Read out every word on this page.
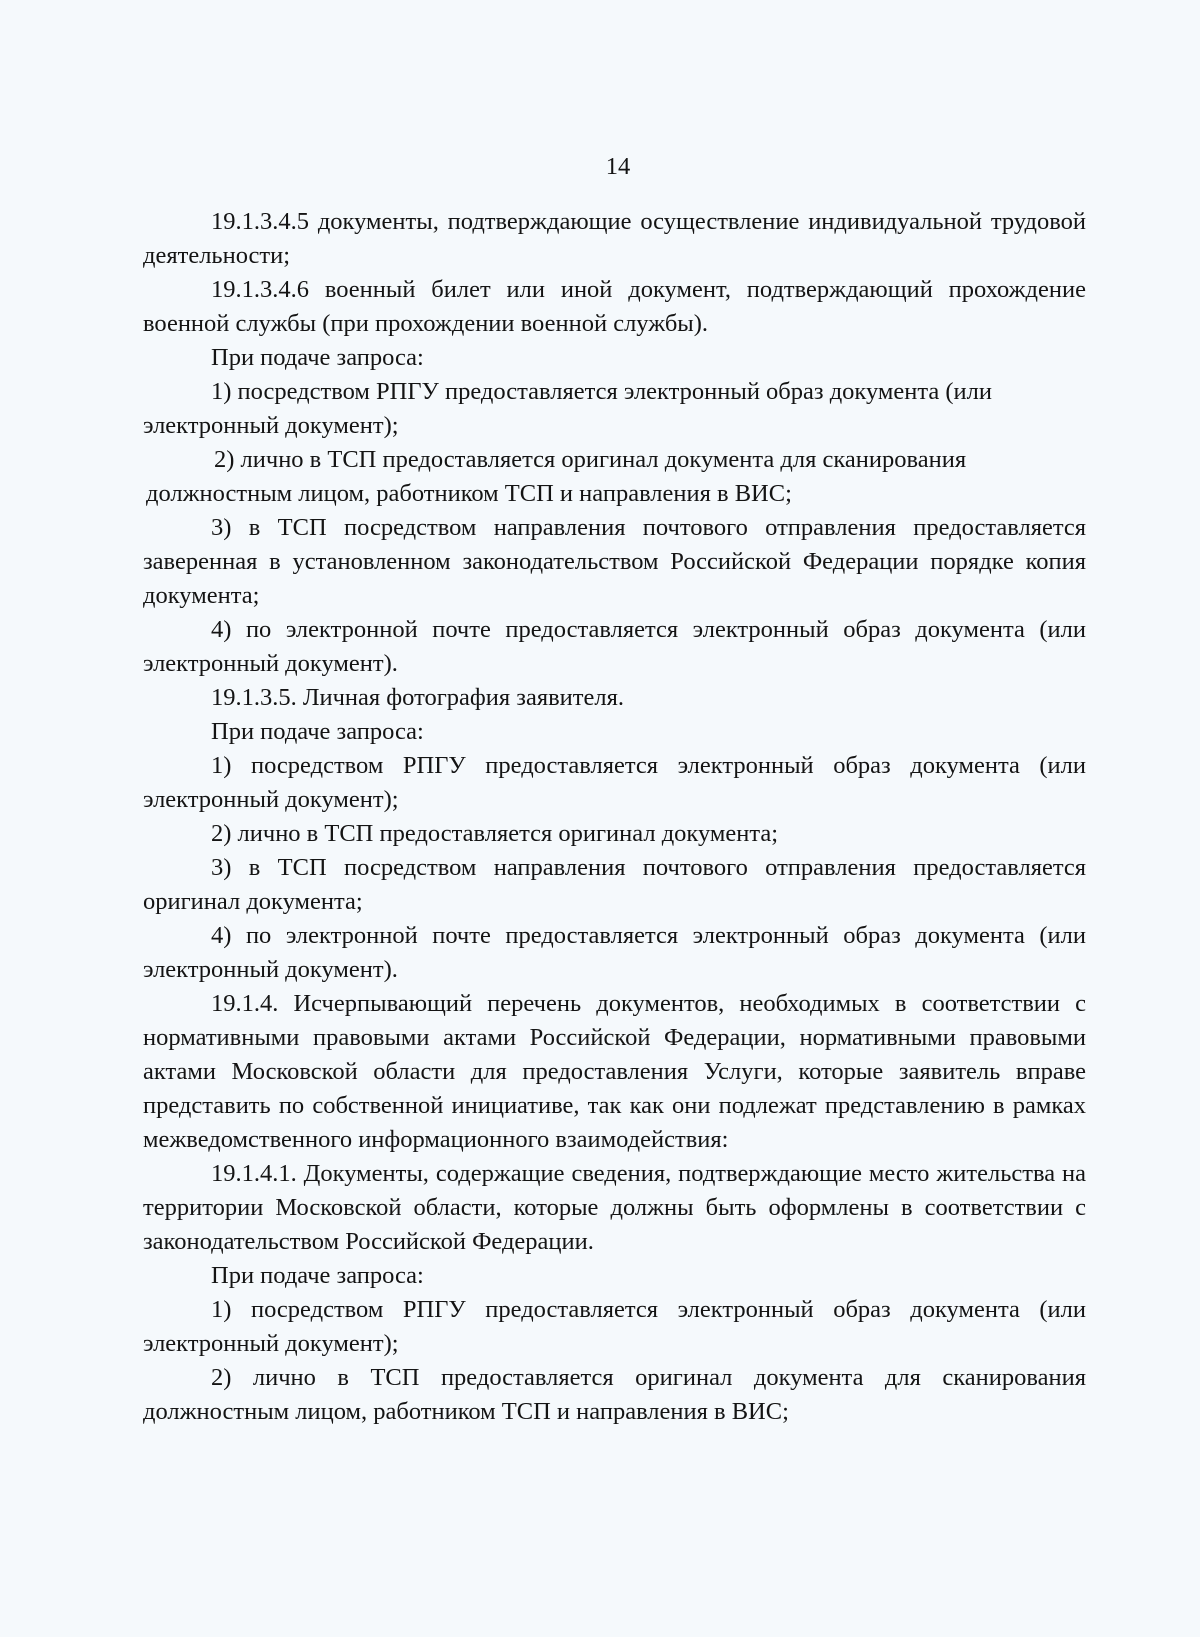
14

19.1.3.4.5 документы, подтверждающие осуществление индивидуальной трудовой деятельности;

19.1.3.4.6 военный билет или иной документ, подтверждающий прохождение военной службы (при прохождении военной службы).

При подаче запроса:

1) посредством РПГУ предоставляется электронный образ документа (или электронный документ);

2) лично в ТСП предоставляется оригинал документа для сканирования должностным лицом, работником ТСП и направления в ВИС;

3) в ТСП посредством направления почтового отправления предоставляется заверенная в установленном законодательством Российской Федерации порядке копия документа;

4) по электронной почте предоставляется электронный образ документа (или электронный документ).

19.1.3.5. Личная фотография заявителя.

При подаче запроса:

1) посредством РПГУ предоставляется электронный образ документа (или электронный документ);

2) лично в ТСП предоставляется оригинал документа;

3) в ТСП посредством направления почтового отправления предоставляется оригинал документа;

4) по электронной почте предоставляется электронный образ документа (или электронный документ).

19.1.4. Исчерпывающий перечень документов, необходимых в соответствии с нормативными правовыми актами Российской Федерации, нормативными правовыми актами Московской области для предоставления Услуги, которые заявитель вправе представить по собственной инициативе, так как они подлежат представлению в рамках межведомственного информационного взаимодействия:

19.1.4.1. Документы, содержащие сведения, подтверждающие место жительства на территории Московской области, которые должны быть оформлены в соответствии с законодательством Российской Федерации.

При подаче запроса:

1) посредством РПГУ предоставляется электронный образ документа (или электронный документ);

2) лично в ТСП предоставляется оригинал документа для сканирования должностным лицом, работником ТСП и направления в ВИС;
